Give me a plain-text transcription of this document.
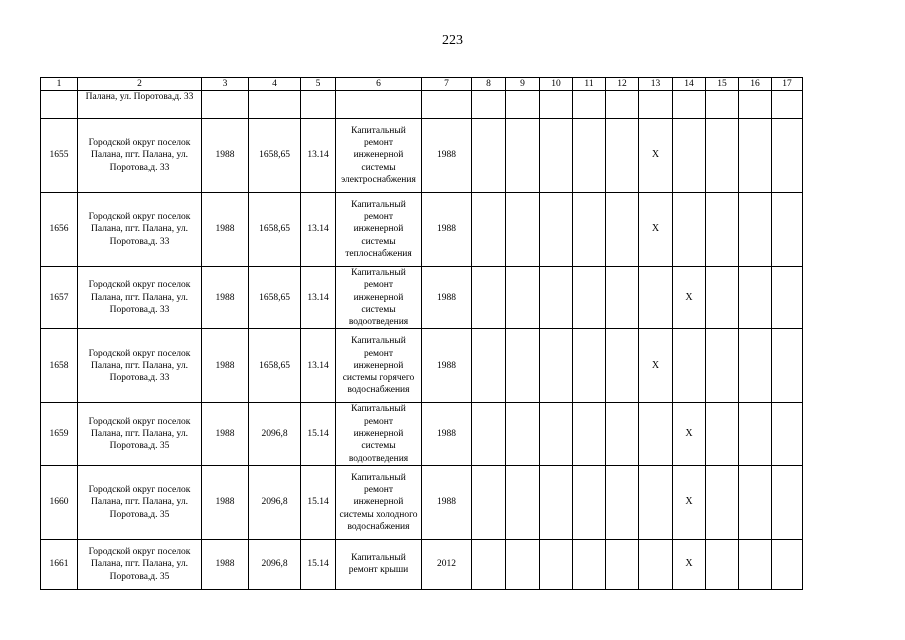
223
1	2	3	4	5	6	7	8	9	10	11	12	13	14	15	16	17
	Палана, ул. Поротова,д. 33															
1655	Городской округ поселок Палана, пгт. Палана, ул. Поротова,д. 33	1988	1658,65	13.14	Капитальный ремонт инженерной системы электроснабжения	1988						X				
1656	Городской округ поселок Палана, пгт. Палана, ул. Поротова,д. 33	1988	1658,65	13.14	Капитальный ремонт инженерной системы теплоснабжения	1988						X				
1657	Городской округ поселок Палана, пгт. Палана, ул. Поротова,д. 33	1988	1658,65	13.14	Капитальный ремонт инженерной системы водоотведения	1988							X			
1658	Городской округ поселок Палана, пгт. Палана, ул. Поротова,д. 33	1988	1658,65	13.14	Капитальный ремонт инженерной системы горячего водоснабжения	1988						X				
1659	Городской округ поселок Палана, пгт. Палана, ул. Поротова,д. 35	1988	2096,8	15.14	Капитальный ремонт инженерной системы водоотведения	1988							X			
1660	Городской округ поселок Палана, пгт. Палана, ул. Поротова,д. 35	1988	2096,8	15.14	Капитальный ремонт инженерной системы холодного водоснабжения	1988							X			
1661	Городской округ поселок Палана, пгт. Палана, ул. Поротова,д. 35	1988	2096,8	15.14	Капитальный ремонт крыши	2012							X			
